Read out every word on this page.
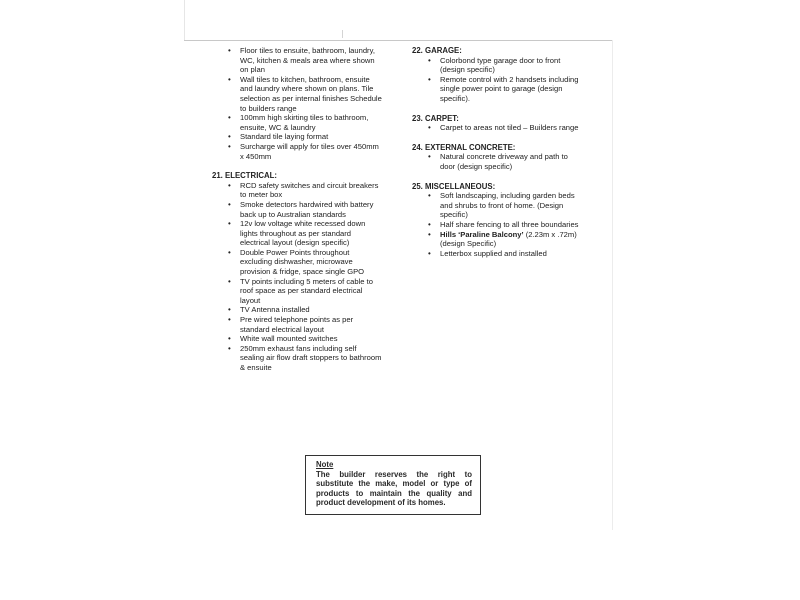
• Floor tiles to ensuite, bathroom, laundry, WC, kitchen & meals area where shown on plan
• Wall tiles to kitchen, bathroom, ensuite and laundry where shown on plans. Tile selection as per internal finishes Schedule to builders range
• 100mm high skirting tiles to bathroom, ensuite, WC & laundry
• Standard tile laying format
• Surcharge will apply for tiles over 450mm x 450mm

21. ELECTRICAL:

• RCD safety switches and circuit breakers to meter box
• Smoke detectors hardwired with battery back up to Australian standards
• 12v low voltage white recessed down lights throughout as per standard electrical layout (design specific)
• Double Power Points throughout excluding dishwasher, microwave provision & fridge, space single GPO
• TV points including 5 meters of cable to roof space as per standard electrical layout
• TV Antenna installed
• Pre wired telephone points as per standard electrical layout
• White wall mounted switches
• 250mm exhaust fans including self sealing air flow draft stoppers to bathroom & ensuite

22. GARAGE:

• Colorbond type garage door to front (design specific)
• Remote control with 2 handsets including single power point to garage (design specific).

23. CARPET:

• Carpet to areas not tiled – Builders range

24. EXTERNAL CONCRETE:

• Natural concrete driveway and path to door (design specific)

25. MISCELLANEOUS:

• Soft landscaping, including garden beds and shrubs to front of home. (Design specific)
• Half share fencing to all three boundaries
• Hills ‘Paraline Balcony’ (2.23m x .72m) (design Specific)
• Letterbox supplied and installed
Note
The builder reserves the right to substitute the make, model or type of products to maintain the quality and product development of its homes.
